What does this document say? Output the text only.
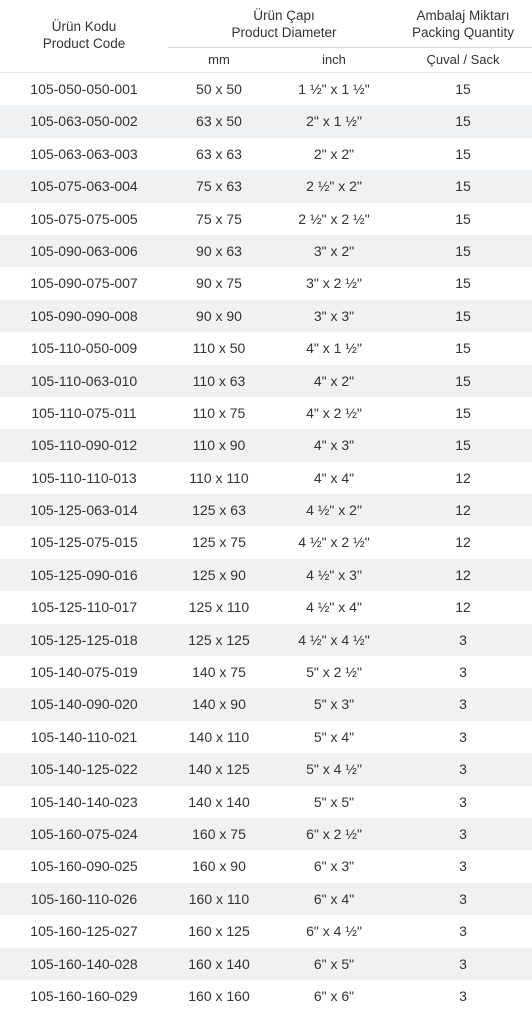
Ürün Kodu
Product Code
Ürün Çapı
Product Diameter
Ambalaj Miktarı
Packing Quantity
mm	inch	Çuval / Sack
105-050-050-001	50 x 50	1 ½" x 1 ½"	15
105-063-050-002	63 x 50	2" x 1 ½"	15
105-063-063-003	63 x 63	2" x 2"	15
105-075-063-004	75 x 63	2 ½" x 2"	15
105-075-075-005	75 x 75	2 ½" x 2 ½"	15
105-090-063-006	90 x 63	3" x 2"	15
105-090-075-007	90 x 75	3" x 2 ½"	15
105-090-090-008	90 x 90	3" x 3"	15
105-110-050-009	110 x 50	4" x 1 ½"	15
105-110-063-010	110 x 63	4" x 2"	15
105-110-075-011	110 x 75	4" x 2 ½"	15
105-110-090-012	110 x 90	4" x 3"	15
105-110-110-013	110 x 110	4" x 4"	12
105-125-063-014	125 x 63	4 ½" x 2"	12
105-125-075-015	125 x 75	4 ½" x 2 ½"	12
105-125-090-016	125 x 90	4 ½" x 3"	12
105-125-110-017	125 x 110	4 ½" x 4"	12
105-125-125-018	125 x 125	4 ½" x 4 ½"	3
105-140-075-019	140 x 75	5" x 2 ½"	3
105-140-090-020	140 x 90	5" x 3"	3
105-140-110-021	140 x 110	5" x 4"	3
105-140-125-022	140 x 125	5" x 4 ½"	3
105-140-140-023	140 x 140	5" x 5"	3
105-160-075-024	160 x 75	6" x 2 ½"	3
105-160-090-025	160 x 90	6" x 3"	3
105-160-110-026	160 x 110	6" x 4"	3
105-160-125-027	160 x 125	6" x 4 ½"	3
105-160-140-028	160 x 140	6" x 5"	3
105-160-160-029	160 x 160	6" x 6"	3
